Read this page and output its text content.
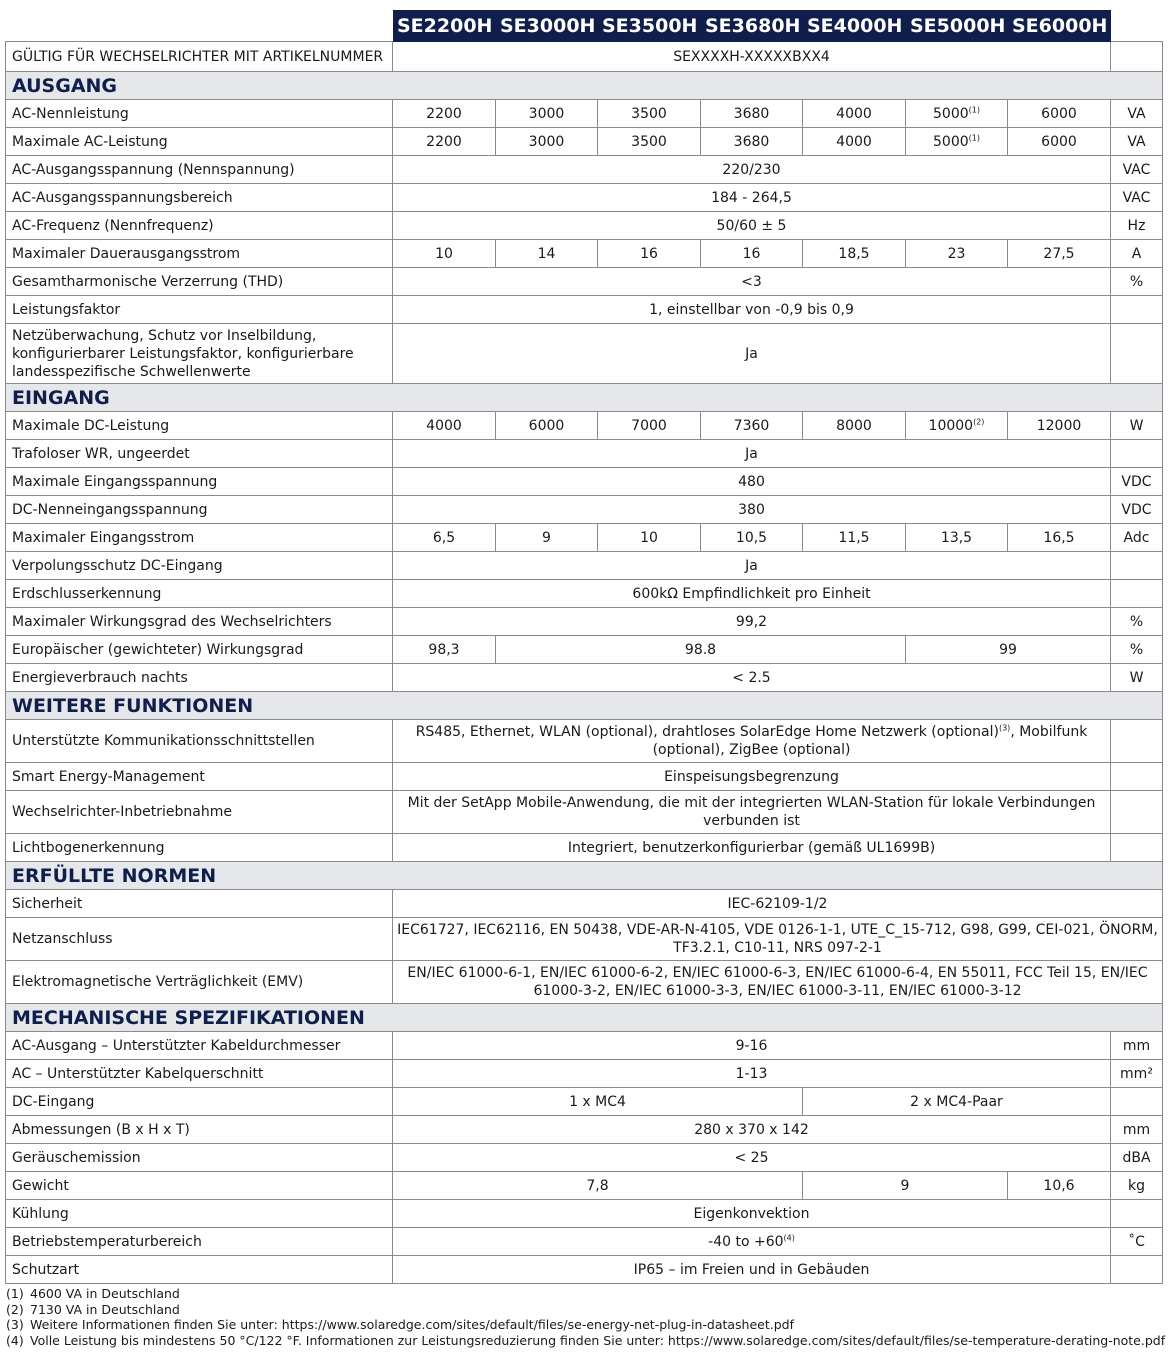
	SE2200H	SE3000H	SE3500H	SE3680H	SE4000H	SE5000H	SE6000H	
GÜLTIG FÜR WECHSELRICHTER MIT ARTIKELNUMMER	SEXXXXH-XXXXXBXX4							
AUSGANG								
AC-Nennleistung	2200	3000	3500	3680	4000	5000$^{(1)}$	6000	VA
Maximale AC-Leistung	2200	3000	3500	3680	4000	5000$^{(1)}$	6000	VA
AC-Ausgangsspannung (Nennspannung)	220/230							VAC
AC-Ausgangsspannungsbereich	184 - 264,5							VAC
AC-Frequenz (Nennfrequenz)	50/60 ± 5							Hz
Maximaler Dauerausgangsstrom	10	14	16	16	18,5	23	27,5	A
Gesamtharmonische Verzerrung (THD)	<3							%
Leistungsfaktor	1, einstellbar von -0,9 bis 0,9							
Netzüberwachung, Schutz vor Inselbildung, konfigurierbarer Leistungsfaktor, konfigurierbare landesspezifische Schwellenwerte	Ja							
EINGANG								
Maximale DC-Leistung	4000	6000	7000	7360	8000	10000$^{(2)}$	12000	W
Trafoloser WR, ungeerdet	Ja							
Maximale Eingangsspannung	480							VDC
DC-Nenneingangsspannung	380							VDC
Maximaler Eingangsstrom	6,5	9	10	10,5	11,5	13,5	16,5	Adc
Verpolungsschutz DC-Eingang	Ja							
Erdschlusserkennung	600kΩ Empfindlichkeit pro Einheit							
Maximaler Wirkungsgrad des Wechselrichters	99,2							%
Europäischer (gewichteter) Wirkungsgrad	98,3	98.8				99		%
Energieverbrauch nachts	< 2.5							W
WEITERE FUNKTIONEN								
Unterstützte Kommunikationsschnittstellen	RS485, Ethernet, WLAN (optional), drahtloses SolarEdge Home Netzwerk (optional)$^{(3)}$, Mobilfunk (optional), ZigBee (optional)							
Smart Energy-Management	Einspeisungsbegrenzung							
Wechselrichter-Inbetriebnahme	Mit der SetApp Mobile-Anwendung, die mit der integrierten WLAN-Station für lokale Verbindungen verbunden ist							
Lichtbogenerkennung	Integriert, benutzerkonfigurierbar (gemäß UL1699B)							
ERFÜLLTE NORMEN								
Sicherheit	IEC-62109-1/2							
Netzanschluss	IEC61727, IEC62116, EN 50438, VDE-AR-N-4105, VDE 0126-1-1, UTE_C_15-712, G98, G99, CEI-021, ÖNORM, TF3.2.1, C10-11, NRS 097-2-1							
Elektromagnetische Verträglichkeit (EMV)	EN/IEC 61000-6-1, EN/IEC 61000-6-2, EN/IEC 61000-6-3, EN/IEC 61000-6-4, EN 55011, FCC Teil 15, EN/IEC 61000-3-2, EN/IEC 61000-3-3, EN/IEC 61000-3-11, EN/IEC 61000-3-12							
MECHANISCHE SPEZIFIKATIONEN								
AC-Ausgang – Unterstützter Kabeldurchmesser	9-16							mm
AC – Unterstützter Kabelquerschnitt	1-13							mm²
DC-Eingang	1 x MC4				2 x MC4-Paar			
Abmessungen (B x H x T)	280 x 370 x 142							mm
Geräuschemission	< 25							dBA
Gewicht	7,8				9		10,6	kg
Kühlung	Eigenkonvektion							
Betriebstemperaturbereich	-40 to $+60^{(4)}$							˚C
Schutzart	IP65 – im Freien und in Gebäuden							
(1) 4600 VA in Deutschland
(2) 7130 VA in Deutschland
(3) Weitere Informationen finden Sie unter: https://www.solaredge.com/sites/default/files/se-energy-net-plug-in-datasheet.pdf
(4) Volle Leistung bis mindestens 50 °C/122 °F. Informationen zur Leistungsreduzierung finden Sie unter: https://www.solaredge.com/sites/default/files/se-temperature-derating-note.pdf
